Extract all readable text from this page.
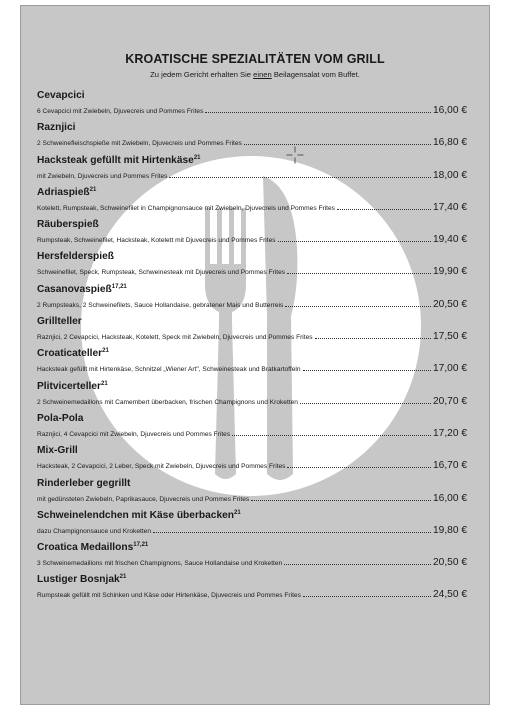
KROATISCHE SPEZIALITÄTEN VOM GRILL
Zu jedem Gericht erhalten Sie einen Beilagensalat vom Buffet.
Cevapcici
6 Cevapcici mit Zwiebeln, Djuvecreis und Pommes Frites	16,00 €
Raznjici
2 Schweinefleischspieße mit Zwiebeln, Djuvecreis und Pommes Frites	16,80 €
Hacksteak gefüllt mit Hirtenkäse$^{21}$
mit Zwiebeln, Djuvecreis und Pommes Frites	18,00 €
Adriaspieß$^{21}$
Kotelett, Rumpsteak, Schweinefilet in Champignonsauce mit Zwiebeln, Djuvecreis und Pommes Frites	17,40 €
Räuberspieß
Rumpsteak, Schweinefilet, Hacksteak, Kotelett mit Djuvecreis und Pommes Frites	19,40 €
Hersfelderspieß
Schweinefilet, Speck, Rumpsteak, Schweinesteak mit Djuvecreis und Pommes Frites	19,90 €
Casanovaspieß$^{17,21}$
2 Rumpsteaks, 2 Schweinefilets, Sauce Hollandaise, gebratener Mais und Butterreis	20,50 €
Grillteller
Raznjici, 2 Cevapcici, Hacksteak, Kotelett, Speck mit Zwiebeln, Djuvecreis und Pommes Frites	17,50 €
Croaticateller$^{21}$
Hacksteak gefüllt mit Hirtenkäse, Schnitzel „Wiener Art", Schweinesteak und Bratkartoffeln	17,00 €
Plitvicerteller$^{21}$
2 Schweinemedaillons mit Camembert überbacken, frischen Champignons und Kroketten	20,70 €
Pola-Pola
Raznjici, 4 Cevapcici mit Zwiebeln, Djuvecreis und Pommes Frites	17,20 €
Mix-Grill
Hacksteak, 2 Cevapcici, 2 Leber, Speck mit Zwiebeln, Djuvecreis und Pommes Frites	16,70 €
Rinderleber gegrillt
mit gedünsteten Zwiebeln, Paprikasauce, Djuvecreis und Pommes Frites	16,00 €
Schweinelendchen mit Käse überbacken$^{21}$
dazu Champignonsauce und Kroketten	19,80 €
Croatica Medaillons$^{17,21}$
3 Schweinemedaillons mit frischen Champignons, Sauce Hollandaise und Kroketten	20,50 €
Lustiger Bosnjak$^{21}$
Rumpsteak gefüllt mit Schinken und Käse oder Hirtenkäse, Djuvecreis und Pommes Frites	24,50 €
